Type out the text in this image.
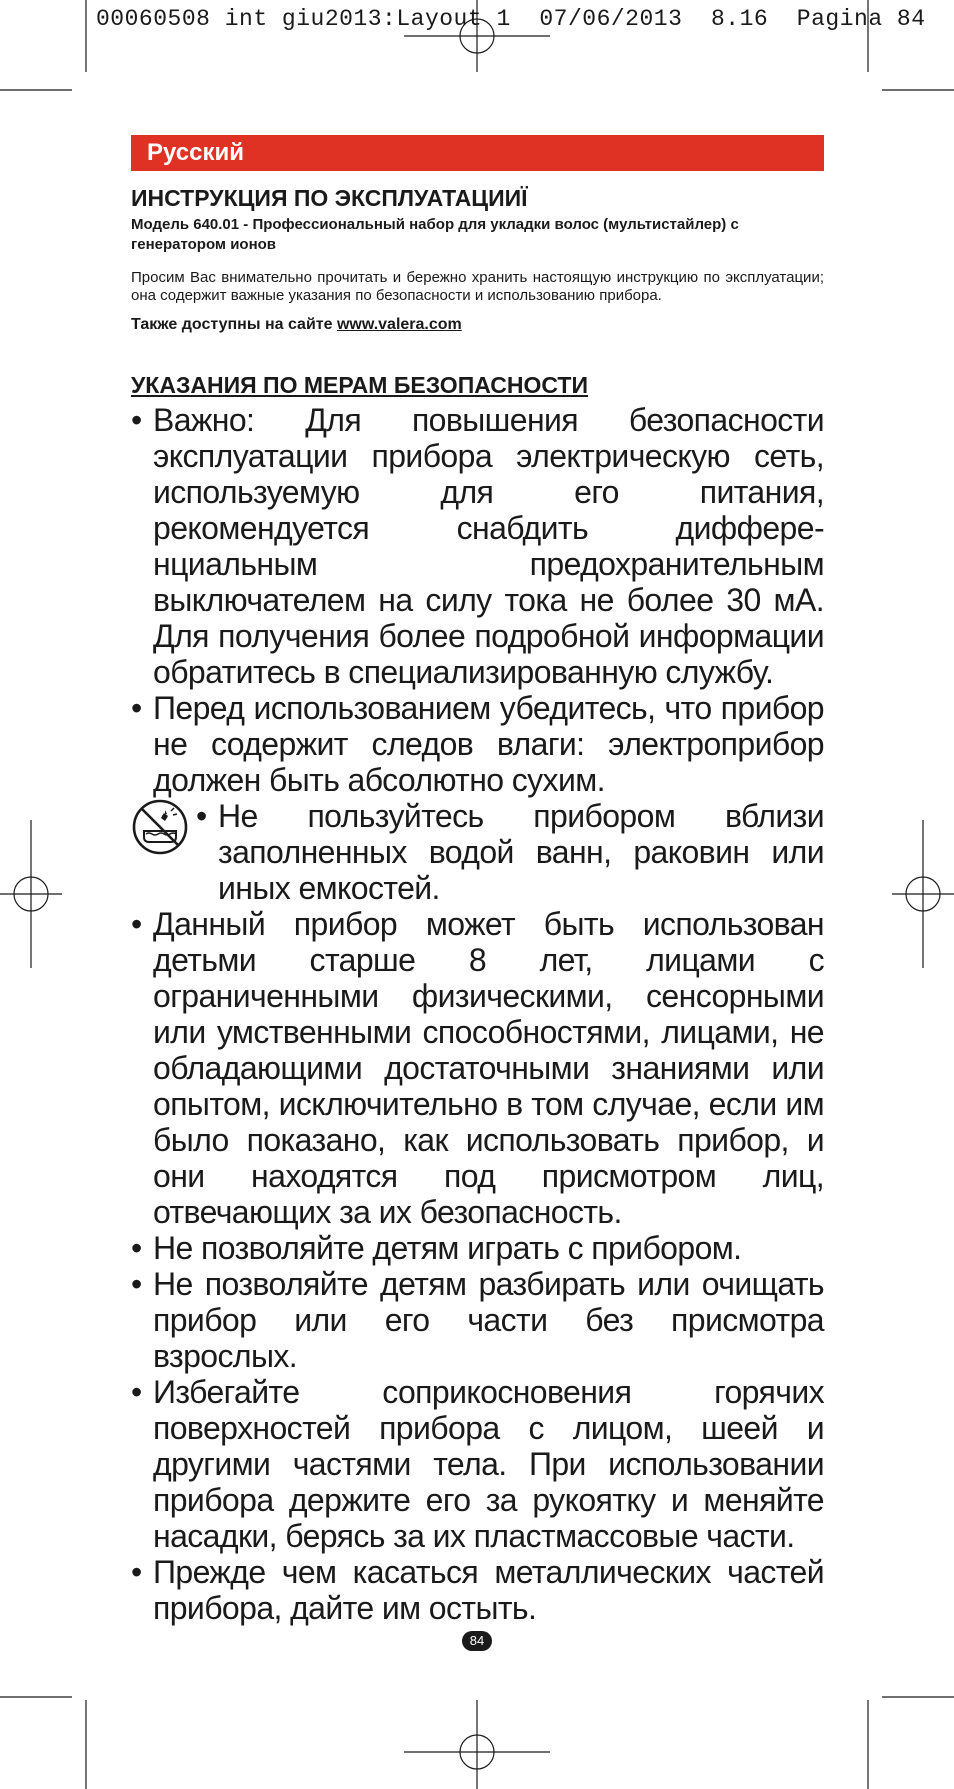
00060508 int giu2013:Layout 1  07/06/2013  8.16  Pagina 84
Русский
ИНСТРУКЦИЯ ПО ЭКСПЛУАТАЦИИЇ
Модель 640.01 - Профессиональный набор для укладки волос (мультистайлер) с генератором ионов
Просим Вас внимательно прочитать и бережно хранить настоящую инструкцию по эксплуатации; она содержит важные указания по безопасности и использованию прибора.
Также доступны на сайте www.valera.com
УКАЗАНИЯ ПО МЕРАМ БЕЗОПАСНОСТИ
• Важно: Для повышения безопасности эксплуатации прибора электрическую сеть, используемую для его питания, рекомендуется снабдить диффере-нциальным предохранительным выключателем на силу тока не более 30 мА. Для получения более подробной информации обратитесь в специализированную службу.
• Перед использованием убедитесь, что прибор не содержит следов влаги: электроприбор должен быть абсолютно сухим.
• Не пользуйтесь прибором вблизи заполненных водой ванн, раковин или иных емкостей.
• Данный прибор может быть использован детьми старше 8 лет, лицами с ограниченными физическими, сенсорными или умственными способностями, лицами, не обладающими достаточными знаниями или опытом, исключительно в том случае, если им было показано, как использовать прибор, и они находятся под присмотром лиц, отвечающих за их безопасность.
• Не позволяйте детям играть с прибором.
• Не позволяйте детям разбирать или очищать прибор или его части без присмотра взрослых.
• Избегайте соприкосновения горячих поверхностей прибора с лицом, шеей и другими частями тела. При использовании прибора держите его за рукоятку и меняйте насадки, берясь за их пластмассовые части.
• Прежде чем касаться металлических частей прибора, дайте им остыть.
84
